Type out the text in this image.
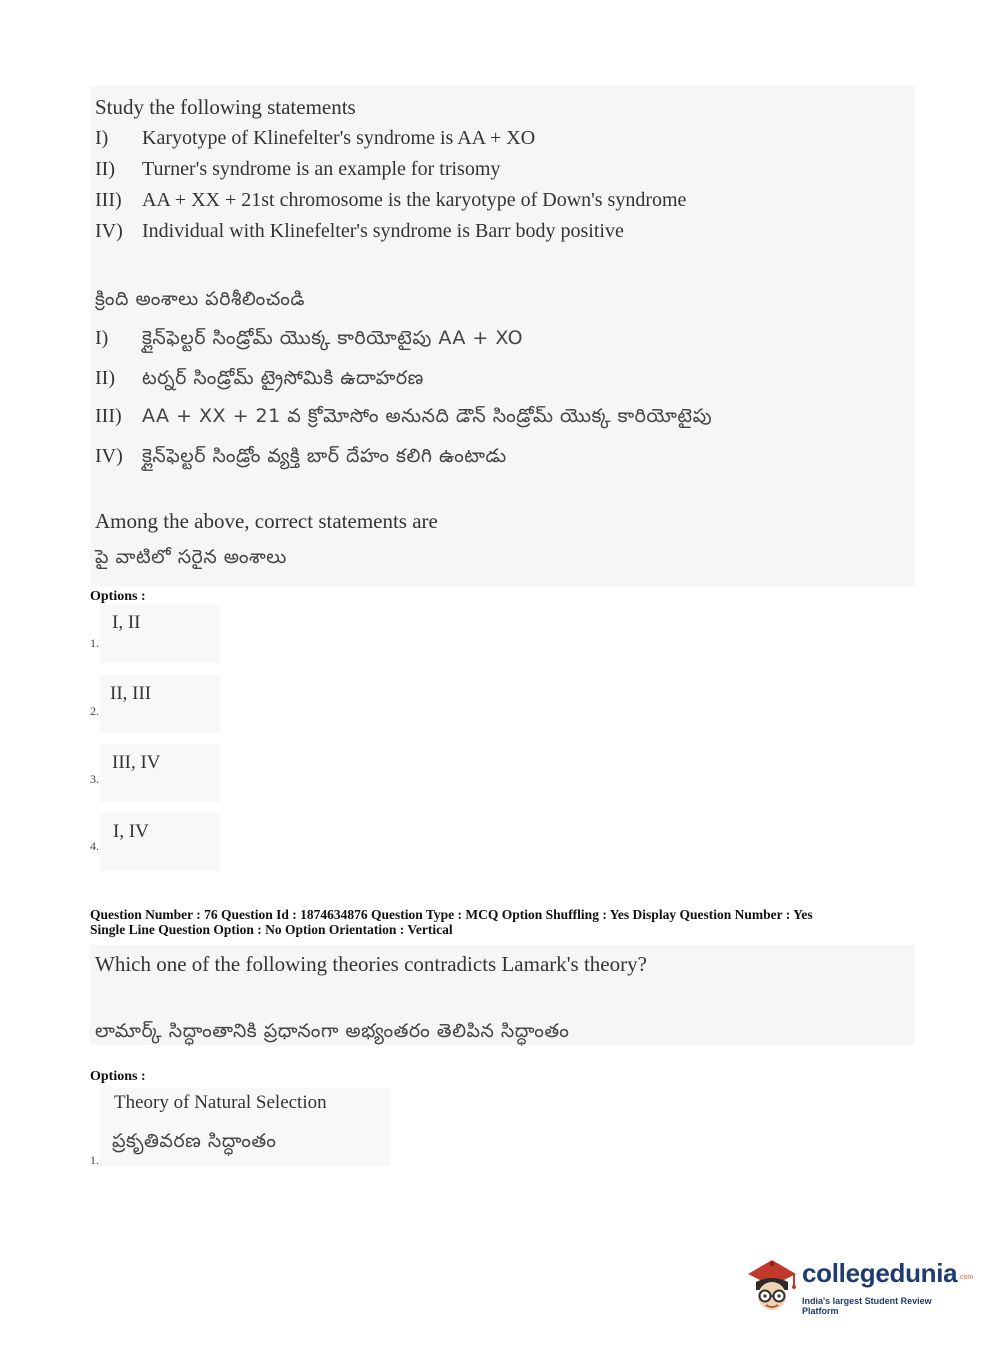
Study the following statements
I) Karyotype of Klinefelter's syndrome is AA + XO
II) Turner's syndrome is an example for trisomy
III) AA + XX + 21st chromosome is the karyotype of Down's syndrome
IV) Individual with Klinefelter's syndrome is Barr body positive
క్రింది అంశాలు పరిశీలించండి
I) క్లైన్‌ఫెల్టర్ సిండ్రోమ్ యొక్క కారియోటైపు AA + XO
II) టర్నర్ సిండ్రోమ్ ట్రైసోమికి ఉదాహరణ
III) AA + XX + 21 వ క్రోమోసోం అనునది డౌన్ సిండ్రోమ్ యొక్క కారియోటైపు
IV) క్లైన్‌ఫెల్టర్ సిండ్రోం వ్యక్తి బార్ దేహం కలిగి ఉంటాడు
Among the above, correct statements are
పై వాటిలో సరైన అంశాలు
Options :
I, II
1.
II, III
2.
III, IV
3.
I, IV
4.
Question Number : 76 Question Id : 1874634876 Question Type : MCQ Option Shuffling : Yes Display Question Number : Yes
Single Line Question Option : No Option Orientation : Vertical
Which one of the following theories contradicts Lamark's theory?
లామార్క్ సిద్ధాంతానికి ప్రధానంగా అభ్యంతరం తెలిపిన సిద్ధాంతం
Options :
Theory of Natural Selection
ప్రకృతివరణ సిద్ధాంతం
1.
collegedunia .com
India's largest Student Review Platform
